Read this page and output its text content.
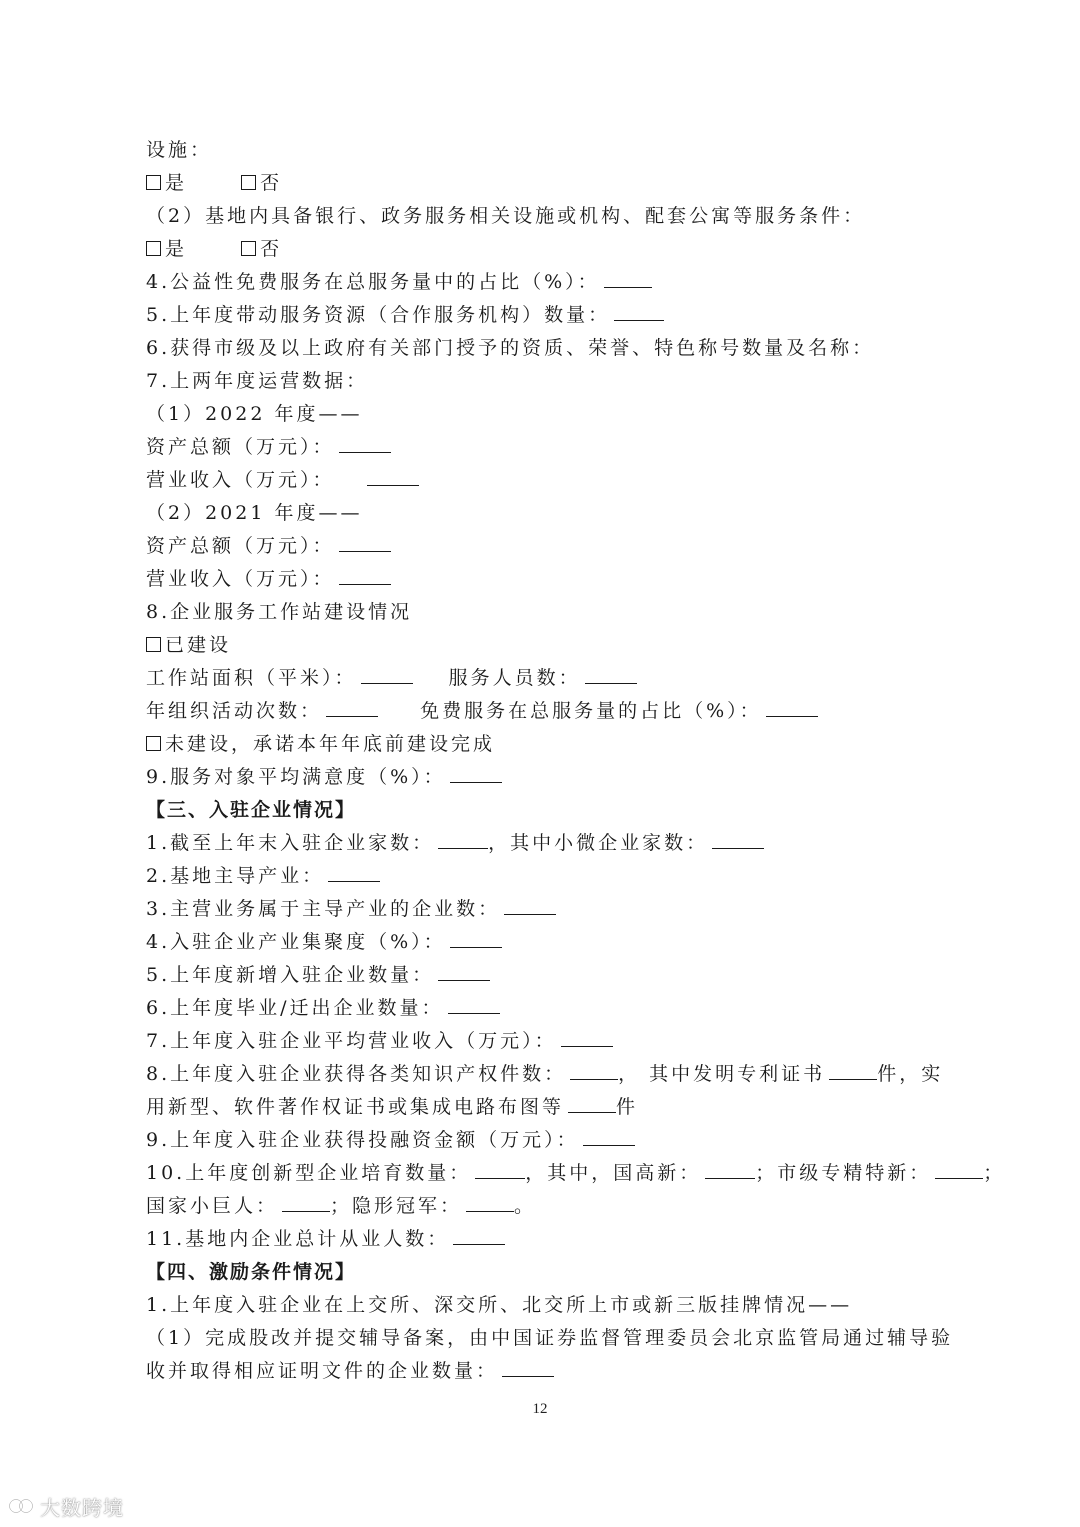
设施：
是	否
（2）基地内具备银行、政务服务相关设施或机构、配套公寓等服务条件：
是	否
4.公益性免费服务在总服务量中的占比（%）：
5.上年度带动服务资源（合作服务机构）数量：
6.获得市级及以上政府有关部门授予的资质、荣誉、特色称号数量及名称：
7.上两年度运营数据：
（1）2022 年度——
资产总额（万元）：
营业收入（万元）：
（2）2021 年度——
资产总额（万元）：
营业收入（万元）：
8.企业服务工作站建设情况
已建设
工作站面积（平米）：	服务人员数：
年组织活动次数：	免费服务在总服务量的占比（%）：
未建设，承诺本年年底前建设完成
9.服务对象平均满意度（%）：
【三、入驻企业情况】
1.截至上年末入驻企业家数：	，其中小微企业家数：
2.基地主导产业：
3.主营业务属于主导产业的企业数：
4.入驻企业产业集聚度（%）：
5.上年度新增入驻企业数量：
6.上年度毕业/迁出企业数量：
7.上年度入驻企业平均营业收入（万元）：
8.上年度入驻企业获得各类知识产权件数：	， 其中发明专利证书	件，实
用新型、软件著作权证书或集成电路布图等	件
9.上年度入驻企业获得投融资金额（万元）：
10.上年度创新型企业培育数量：	，其中，国高新：	；市级专精特新：	；
国家小巨人：	；隐形冠军：	。
11.基地内企业总计从业人数：
【四、激励条件情况】
1.上年度入驻企业在上交所、深交所、北交所上市或新三版挂牌情况——
（1）完成股改并提交辅导备案，由中国证券监督管理委员会北京监管局通过辅导验
收并取得相应证明文件的企业数量：
12
大数跨境
